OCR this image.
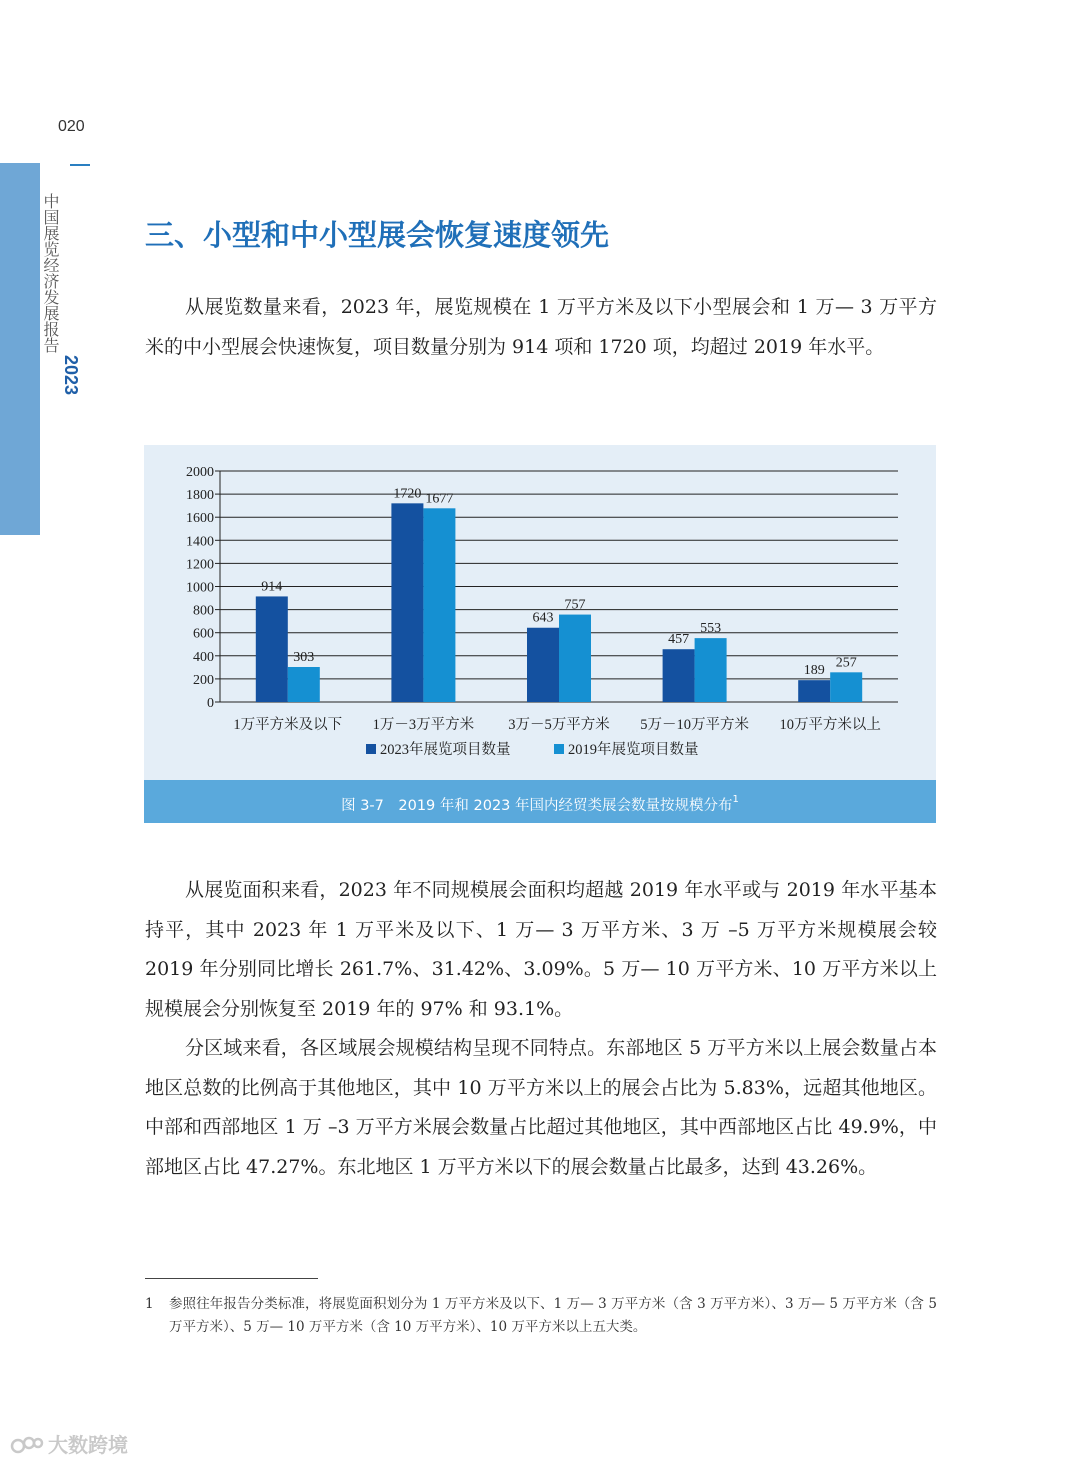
020
中国展览经济发展报告
2023
三、小型和中小型展会恢复速度领先

从展览数量来看，2023 年，展览规模在 1 万平方米及以下小型展会和 1 万— 3 万平方米的中小型展会快速恢复，项目数量分别为 914 项和 1720 项，均超过 2019 年水平。

0
200
400
600
800
1000
1200
1400
1600
1800
2000
914
303
1万平方米及以下
1720 1677
1万－3万平方米
643
757
3万－5万平方米
457
553
5万－10万平方米
189
257
10万平方米以上
2023年展览项目数量	2019年展览项目数量
图 3-7　2019 年和 2023 年国内经贸类展会数量按规模分布$^1$

从展览面积来看，2023 年不同规模展会面积均超越 2019 年水平或与 2019 年水平基本持平，其中 2023 年 1 万平米及以下、1 万— 3 万平方米、3 万 –5 万平方米规模展会较 2019 年分别同比增长 261.7%、31.42%、3.09%。5 万— 10 万平方米、10 万平方米以上规模展会分别恢复至 2019 年的 97% 和 93.1%。

分区域来看，各区域展会规模结构呈现不同特点。东部地区 5 万平方米以上展会数量占本地区总数的比例高于其他地区，其中 10 万平方米以上的展会占比为 5.83%，远超其他地区。中部和西部地区 1 万 –3 万平方米展会数量占比超过其他地区，其中西部地区占比 49.9%，中部地区占比 47.27%。东北地区 1 万平方米以下的展会数量占比最多，达到 43.26%。

1 参照往年报告分类标准，将展览面积划分为 1 万平方米及以下、1 万— 3 万平方米（含 3 万平方米）、3 万— 5 万平方米（含 5 万平方米）、5 万— 10 万平方米（含 10 万平方米）、10 万平方米以上五大类。
大数跨境
